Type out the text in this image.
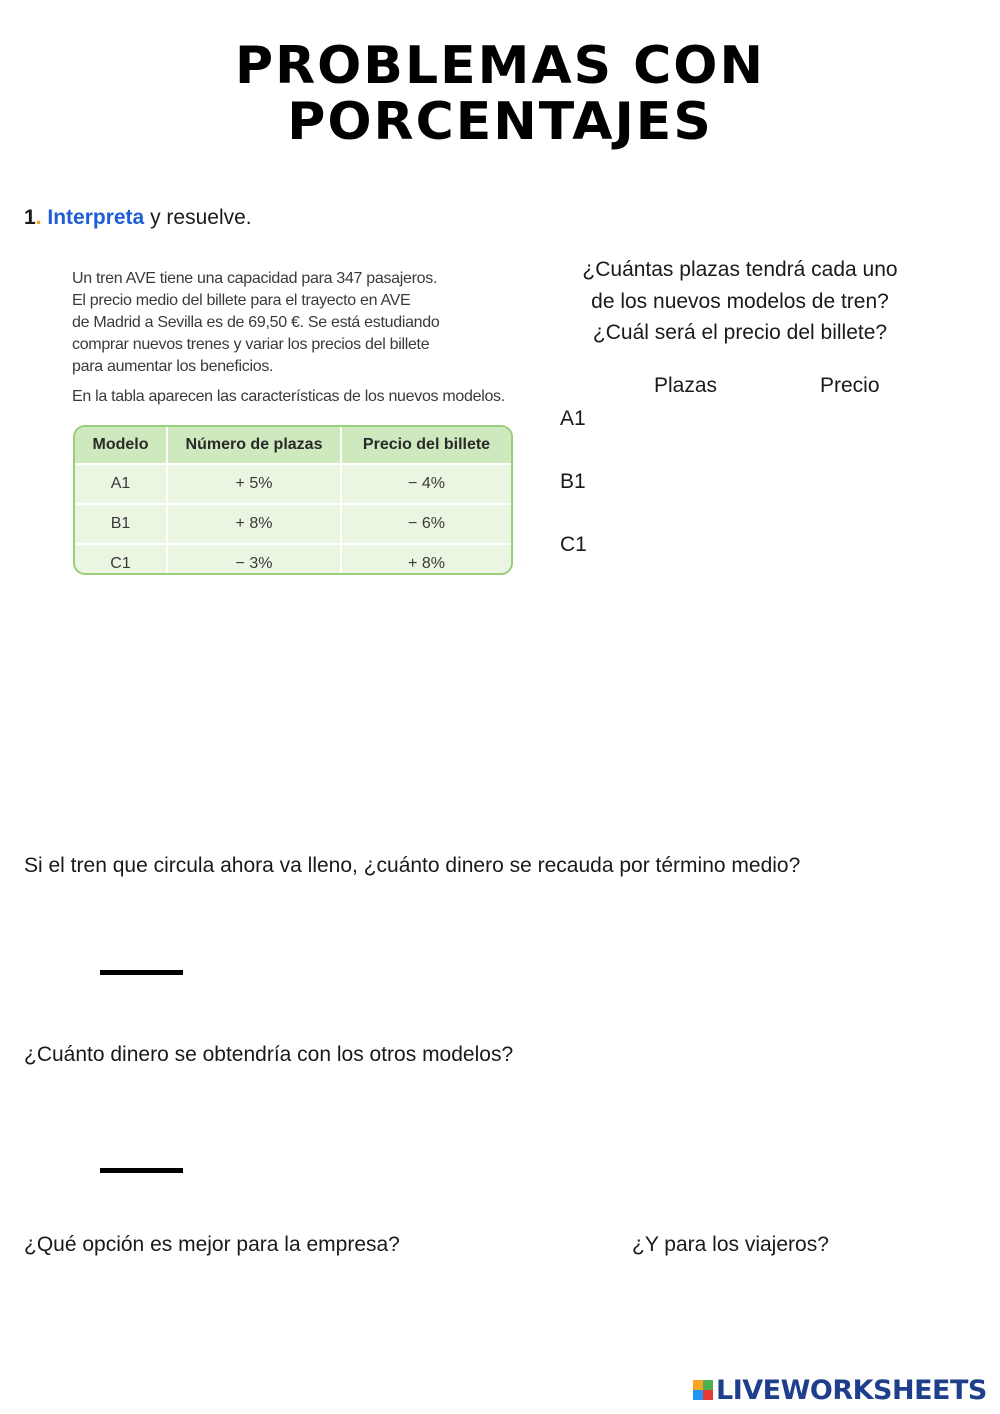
PROBLEMAS CON
PORCENTAJES
1. Interpreta y resuelve.

Un tren AVE tiene una capacidad para 347 pasajeros.

El precio medio del billete para el trayecto en AVE

de Madrid a Sevilla es de 69,50 €. Se está estudiando

comprar nuevos trenes y variar los precios del billete

para aumentar los beneficios.

En la tabla aparecen las características de los nuevos modelos.

Modelo	Número de plazas	Precio del billete
A1	+ 5%	− 4%
B1	+ 8%	− 6%
C1	− 3%	+ 8%
¿Cuántas plazas tendrá cada uno
de los nuevos modelos de tren?
¿Cuál será el precio del billete?
Plazas	Precio
A1
B1
C1
Si el tren que circula ahora va lleno, ¿cuánto dinero se recauda por término medio?
¿Cuánto dinero se obtendría con los otros modelos?
¿Qué opción es mejor para la empresa?	¿Y para los viajeros?
LIVEWORKSHEETS
